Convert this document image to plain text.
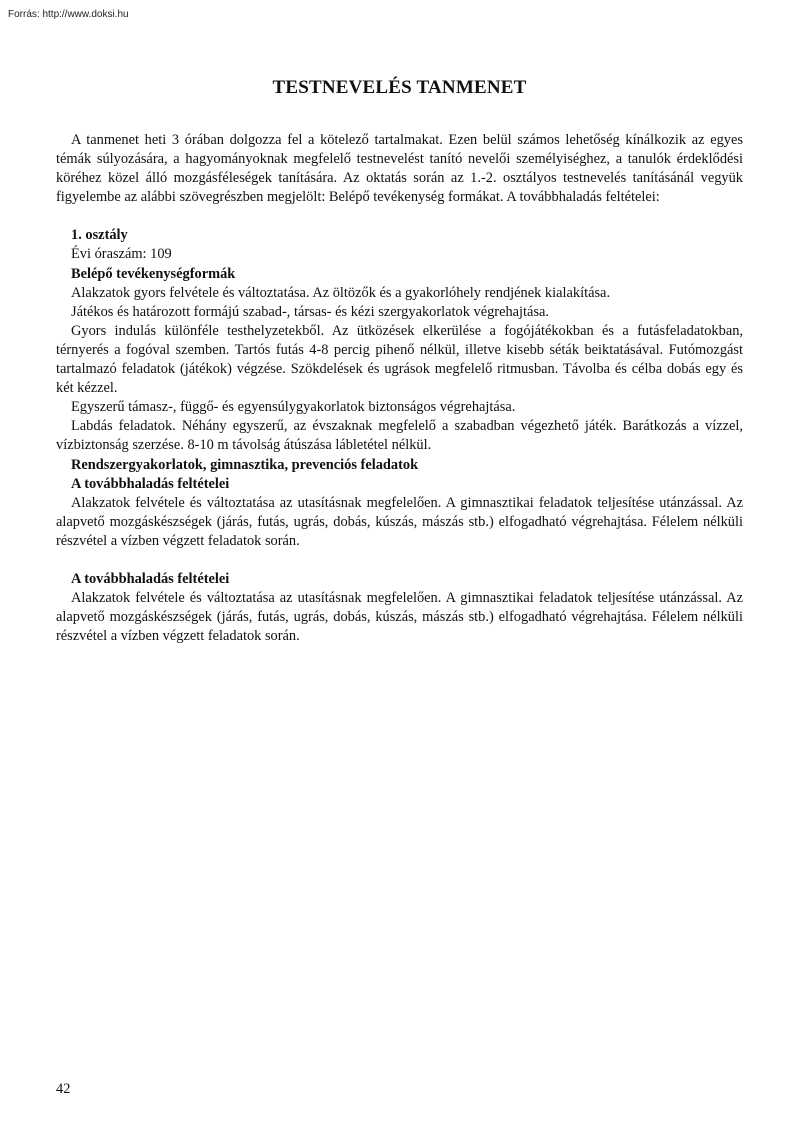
Forrás: http://www.doksi.hu
TESTNEVELÉS TANMENET

A tanmenet heti 3 órában dolgozza fel a kötelező tartalmakat. Ezen belül számos lehetőség kínálkozik az egyes témák súlyozására, a hagyományoknak megfelelő testnevelést tanító nevelői személyiséghez, a tanulók érdeklődési köréhez közel álló mozgásféleségek tanítására. Az oktatás során az 1.-2. osztályos testnevelés tanításánál vegyük figyelembe az alábbi szövegrészben megjelölt: Belépő tevékenység formákat. A továbbhaladás feltételei:

1. osztály

Évi óraszám: 109

Belépő tevékenységformák

Alakzatok gyors felvétele és változtatása. Az öltözők és a gyakorlóhely rendjének kialakítása.

Játékos és határozott formájú szabad-, társas- és kézi szergyakorlatok végrehajtása.

Gyors indulás különféle testhelyzetekből. Az ütközések elkerülése a fogójátékokban és a futásfeladatokban, térnyerés a fogóval szemben. Tartós futás 4-8 percig pihenő nélkül, illetve kisebb séták beiktatásával. Futómozgást tartalmazó feladatok (játékok) végzése. Szökdelések és ugrások megfelelő ritmusban. Távolba és célba dobás egy és két kézzel.

Egyszerű támasz-, függő- és egyensúlygyakorlatok biztonságos végrehajtása.

Labdás feladatok. Néhány egyszerű, az évszaknak megfelelő a szabadban végezhető játék. Barátkozás a vízzel, vízbiztonság szerzése. 8-10 m távolság átúszása lábletétel nélkül.

Rendszergyakorlatok, gimnasztika, prevenciós feladatok

A továbbhaladás feltételei

Alakzatok felvétele és változtatása az utasításnak megfelelően. A gimnasztikai feladatok teljesítése utánzással. Az alapvető mozgáskészségek (járás, futás, ugrás, dobás, kúszás, mászás stb.) elfogadható végrehajtása. Félelem nélküli részvétel a vízben végzett feladatok során.

A továbbhaladás feltételei

Alakzatok felvétele és változtatása az utasításnak megfelelően. A gimnasztikai feladatok teljesítése utánzással. Az alapvető mozgáskészségek (járás, futás, ugrás, dobás, kúszás, mászás stb.) elfogadható végrehajtása. Félelem nélküli részvétel a vízben végzett feladatok során.

42
